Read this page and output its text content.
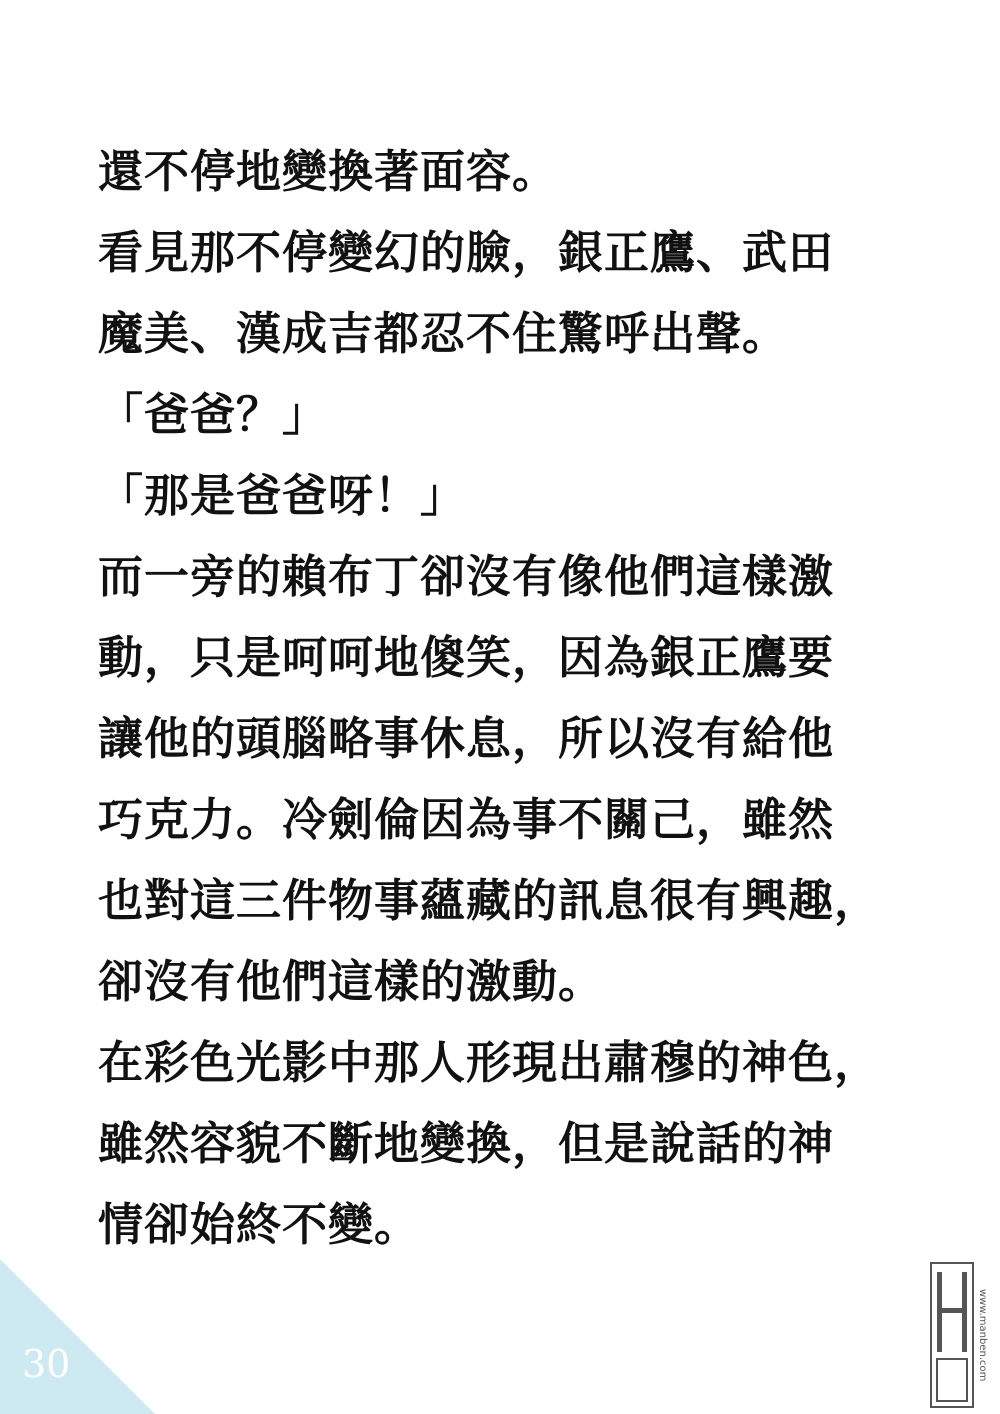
還不停地變換著面容。
看見那不停變幻的臉，銀正鷹、武田
魔美、漢成吉都忍不住驚呼出聲。
「爸爸？」
「那是爸爸呀！」
而一旁的賴布丁卻沒有像他們這樣激
動，只是呵呵地傻笑，因為銀正鷹要
讓他的頭腦略事休息，所以沒有給他
巧克力。冷劍倫因為事不關己，雖然
也對這三件物事蘊藏的訊息很有興趣，
卻沒有他們這樣的激動。
在彩色光影中那人形現出肅穆的神色，
雖然容貌不斷地變換，但是說話的神
情卻始終不變。
30	www.manben.com
